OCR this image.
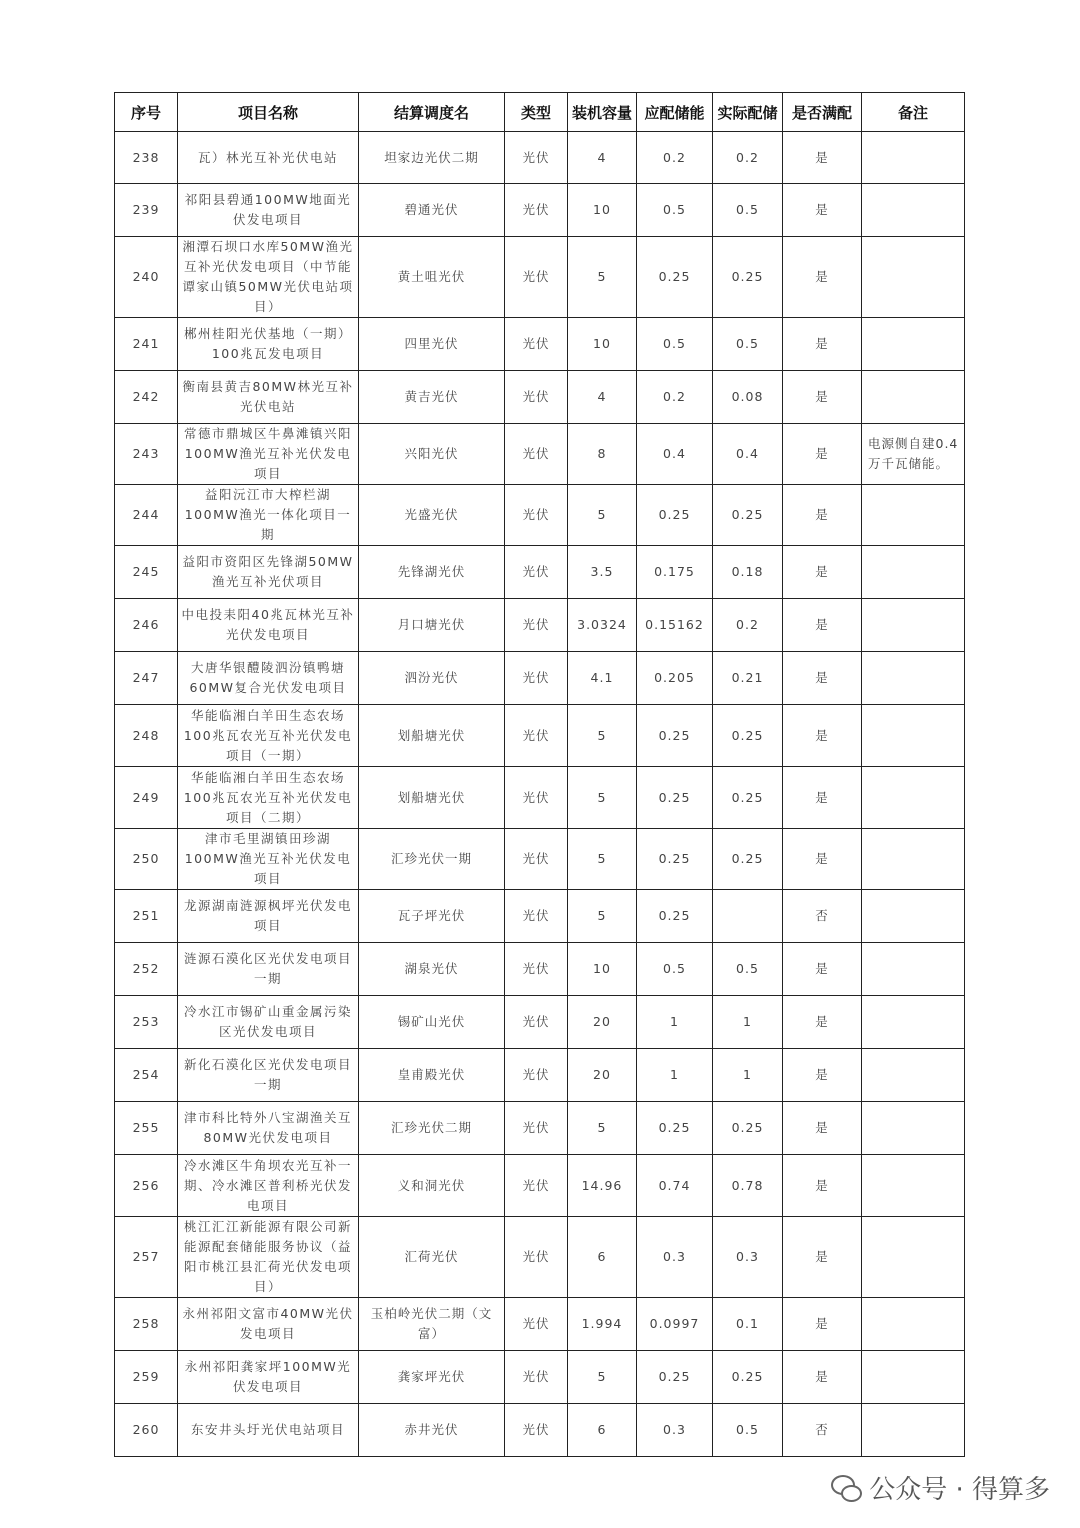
序号	项目名称	结算调度名	类型	装机容量	应配储能	实际配储	是否满配	备注
238	瓦）林光互补光伏电站	坦家边光伏二期	光伏	4	0.2	0.2	是	
239	祁阳县碧通100MW地面光伏发电项目	碧通光伏	光伏	10	0.5	0.5	是	
240	湘潭石坝口水库50MW渔光互补光伏发电项目（中节能谭家山镇50MW光伏电站项目）	黄土咀光伏	光伏	5	0.25	0.25	是	
241	郴州桂阳光伏基地（一期）100兆瓦发电项目	四里光伏	光伏	10	0.5	0.5	是	
242	衡南县黄吉80MW林光互补光伏电站	黄吉光伏	光伏	4	0.2	0.08	是	
243	常德市鼎城区牛鼻滩镇兴阳100MW渔光互补光伏发电项目	兴阳光伏	光伏	8	0.4	0.4	是	电源侧自建0.4万千瓦储能。
244	益阳沅江市大榨栏湖100MW渔光一体化项目一期	光盛光伏	光伏	5	0.25	0.25	是	
245	益阳市资阳区先锋湖50MW渔光互补光伏项目	先锋湖光伏	光伏	3.5	0.175	0.18	是	
246	中电投耒阳40兆瓦林光互补光伏发电项目	月口塘光伏	光伏	3.0324	0.15162	0.2	是	
247	大唐华银醴陵泗汾镇鸭塘60MW复合光伏发电项目	泗汾光伏	光伏	4.1	0.205	0.21	是	
248	华能临湘白羊田生态农场100兆瓦农光互补光伏发电项目（一期）	划船塘光伏	光伏	5	0.25	0.25	是	
249	华能临湘白羊田生态农场100兆瓦农光互补光伏发电项目（二期）	划船塘光伏	光伏	5	0.25	0.25	是	
250	津市毛里湖镇田珍湖100MW渔光互补光伏发电项目	汇珍光伏一期	光伏	5	0.25	0.25	是	
251	龙源湖南涟源枫坪光伏发电项目	瓦子坪光伏	光伏	5	0.25		否	
252	涟源石漠化区光伏发电项目一期	湖泉光伏	光伏	10	0.5	0.5	是	
253	冷水江市锡矿山重金属污染区光伏发电项目	锡矿山光伏	光伏	20	1	1	是	
254	新化石漠化区光伏发电项目一期	皇甫殿光伏	光伏	20	1	1	是	
255	津市科比特外八宝湖渔关互80MW光伏发电项目	汇珍光伏二期	光伏	5	0.25	0.25	是	
256	冷水滩区牛角坝农光互补一期、冷水滩区普利桥光伏发电项目	义和洞光伏	光伏	14.96	0.74	0.78	是	
257	桃江汇江新能源有限公司新能源配套储能服务协议（益阳市桃江县汇荷光伏发电项目）	汇荷光伏	光伏	6	0.3	0.3	是	
258	永州祁阳文富市40MW光伏发电项目	玉柏岭光伏二期（文富）	光伏	1.994	0.0997	0.1	是	
259	永州祁阳龚家坪100MW光伏发电项目	龚家坪光伏	光伏	5	0.25	0.25	是	
260	东安井头圩光伏电站项目	赤井光伏	光伏	6	0.3	0.5	否	
公众号 · 得算多
